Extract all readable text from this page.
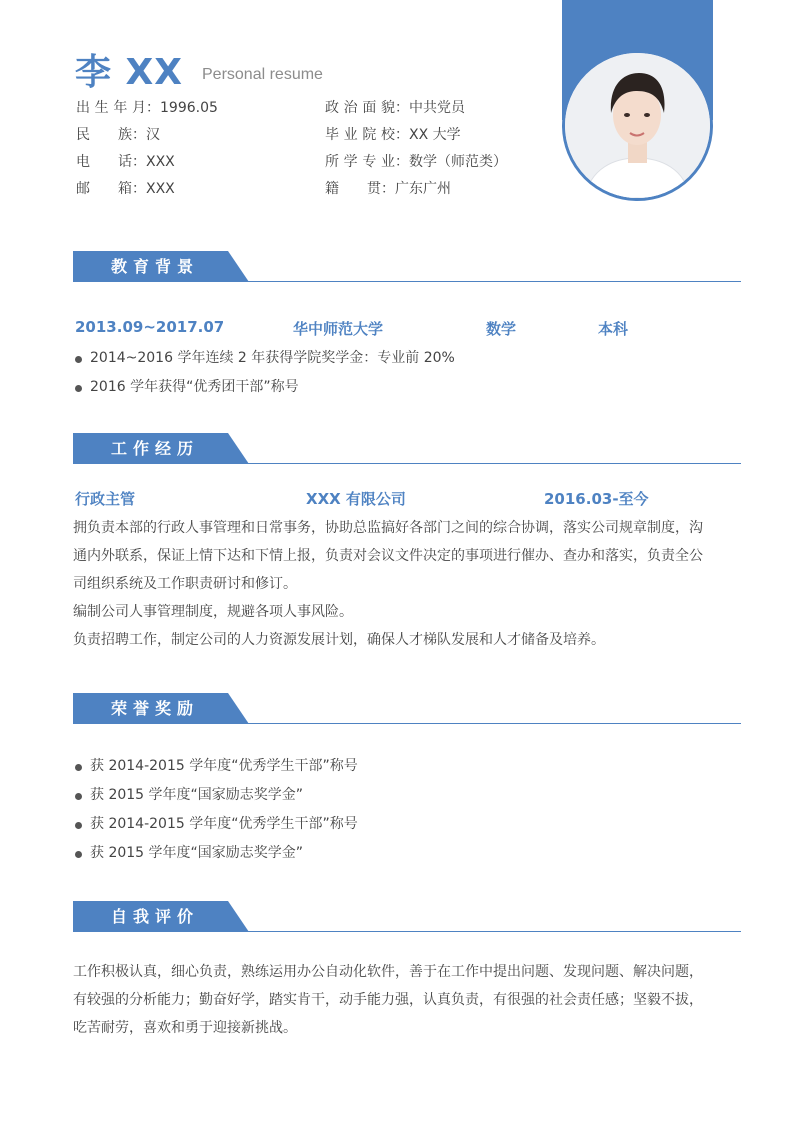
李 XX Personal resume
出生年月：1996.05
民族：汉
电话：XXX
邮箱：XXX
政治面貌：中共党员
毕业院校：XX 大学
所学专业：数学（师范类）
籍贯：广东广州
教育背景
2013.09~2017.07	华中师范大学	数学	本科
2014~2016 学年连续 2 年获得学院奖学金：专业前 20%
2016 学年获得“优秀团干部”称号
工作经历
行政主管	XXX 有限公司	2016.03-至今

拥负责本部的行政人事管理和日常事务，协助总监搞好各部门之间的综合协调，落实公司规章制度，沟

通内外联系，保证上情下达和下情上报，负责对会议文件决定的事项进行催办、查办和落实，负责全公

司组织系统及工作职责研讨和修订。

编制公司人事管理制度，规避各项人事风险。

负责招聘工作，制定公司的人力资源发展计划，确保人才梯队发展和人才储备及培养。

荣誉奖励
获 2014-2015 学年度“优秀学生干部”称号
获 2015 学年度“国家励志奖学金”
获 2014-2015 学年度“优秀学生干部”称号
获 2015 学年度“国家励志奖学金”
自我评价

工作积极认真，细心负责，熟练运用办公自动化软件，善于在工作中提出问题、发现问题、解决问题，

有较强的分析能力；勤奋好学，踏实肯干，动手能力强，认真负责，有很强的社会责任感；坚毅不拔，

吃苦耐劳，喜欢和勇于迎接新挑战。
